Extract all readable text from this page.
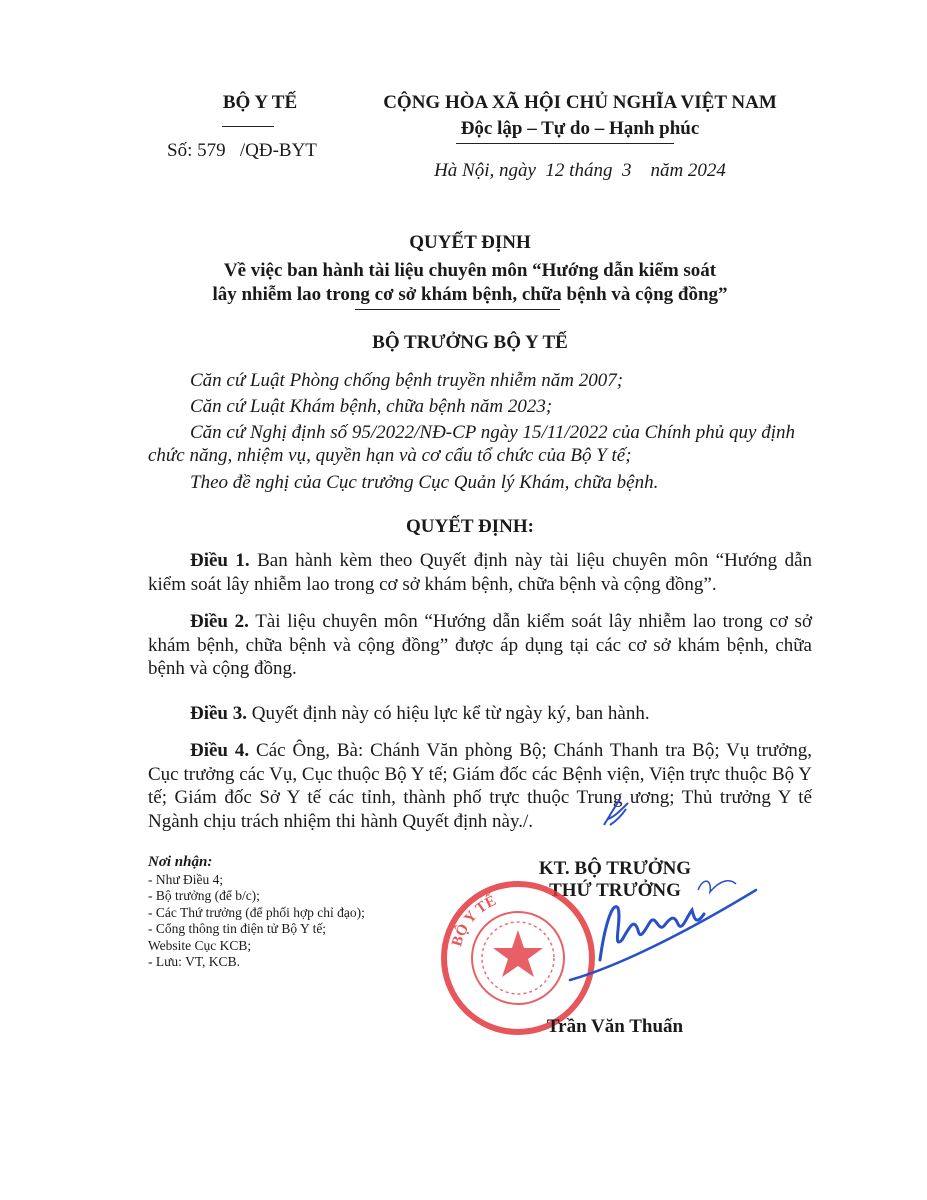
BỘ Y TẾ
Số: 579 /QĐ-BYT
CỘNG HÒA XÃ HỘI CHỦ NGHĨA VIỆT NAM
Độc lập – Tự do – Hạnh phúc
Hà Nội, ngày  12 tháng  3    năm 2024
QUYẾT ĐỊNH
Về việc ban hành tài liệu chuyên môn “Hướng dẫn kiểm soát
lây nhiễm lao trong cơ sở khám bệnh, chữa bệnh và cộng đồng”
BỘ TRƯỞNG BỘ Y TẾ
Căn cứ Luật Phòng chống bệnh truyền nhiễm năm 2007;
Căn cứ Luật Khám bệnh, chữa bệnh năm 2023;
Căn cứ Nghị định số 95/2022/NĐ-CP ngày 15/11/2022 của Chính phủ quy định chức năng, nhiệm vụ, quyền hạn và cơ cấu tổ chức của Bộ Y tế;
Theo đề nghị của Cục trưởng Cục Quản lý Khám, chữa bệnh.
QUYẾT ĐỊNH:
Điều 1. Ban hành kèm theo Quyết định này tài liệu chuyên môn “Hướng dẫn kiểm soát lây nhiễm lao trong cơ sở khám bệnh, chữa bệnh và cộng đồng”.
Điều 2. Tài liệu chuyên môn “Hướng dẫn kiểm soát lây nhiễm lao trong cơ sở khám bệnh, chữa bệnh và cộng đồng” được áp dụng tại các cơ sở khám bệnh, chữa bệnh và cộng đồng.
Điều 3. Quyết định này có hiệu lực kể từ ngày ký, ban hành.
Điều 4. Các Ông, Bà: Chánh Văn phòng Bộ; Chánh Thanh tra Bộ; Vụ trưởng, Cục trưởng các Vụ, Cục thuộc Bộ Y tế; Giám đốc các Bệnh viện, Viện trực thuộc Bộ Y tế; Giám đốc Sở Y tế các tỉnh, thành phố trực thuộc Trung ương; Thủ trưởng Y tế Ngành chịu trách nhiệm thi hành Quyết định này./.
Nơi nhận:
- Như Điều 4;
- Bộ trưởng (để b/c);
- Các Thứ trưởng (để phối hợp chỉ đạo);
- Cổng thông tin điện tử Bộ Y tế;
Website Cục KCB;
- Lưu: VT, KCB.
KT. BỘ TRƯỞNG
THỨ TRƯỞNG
BỘ Y TẾ
Trần Văn Thuấn
